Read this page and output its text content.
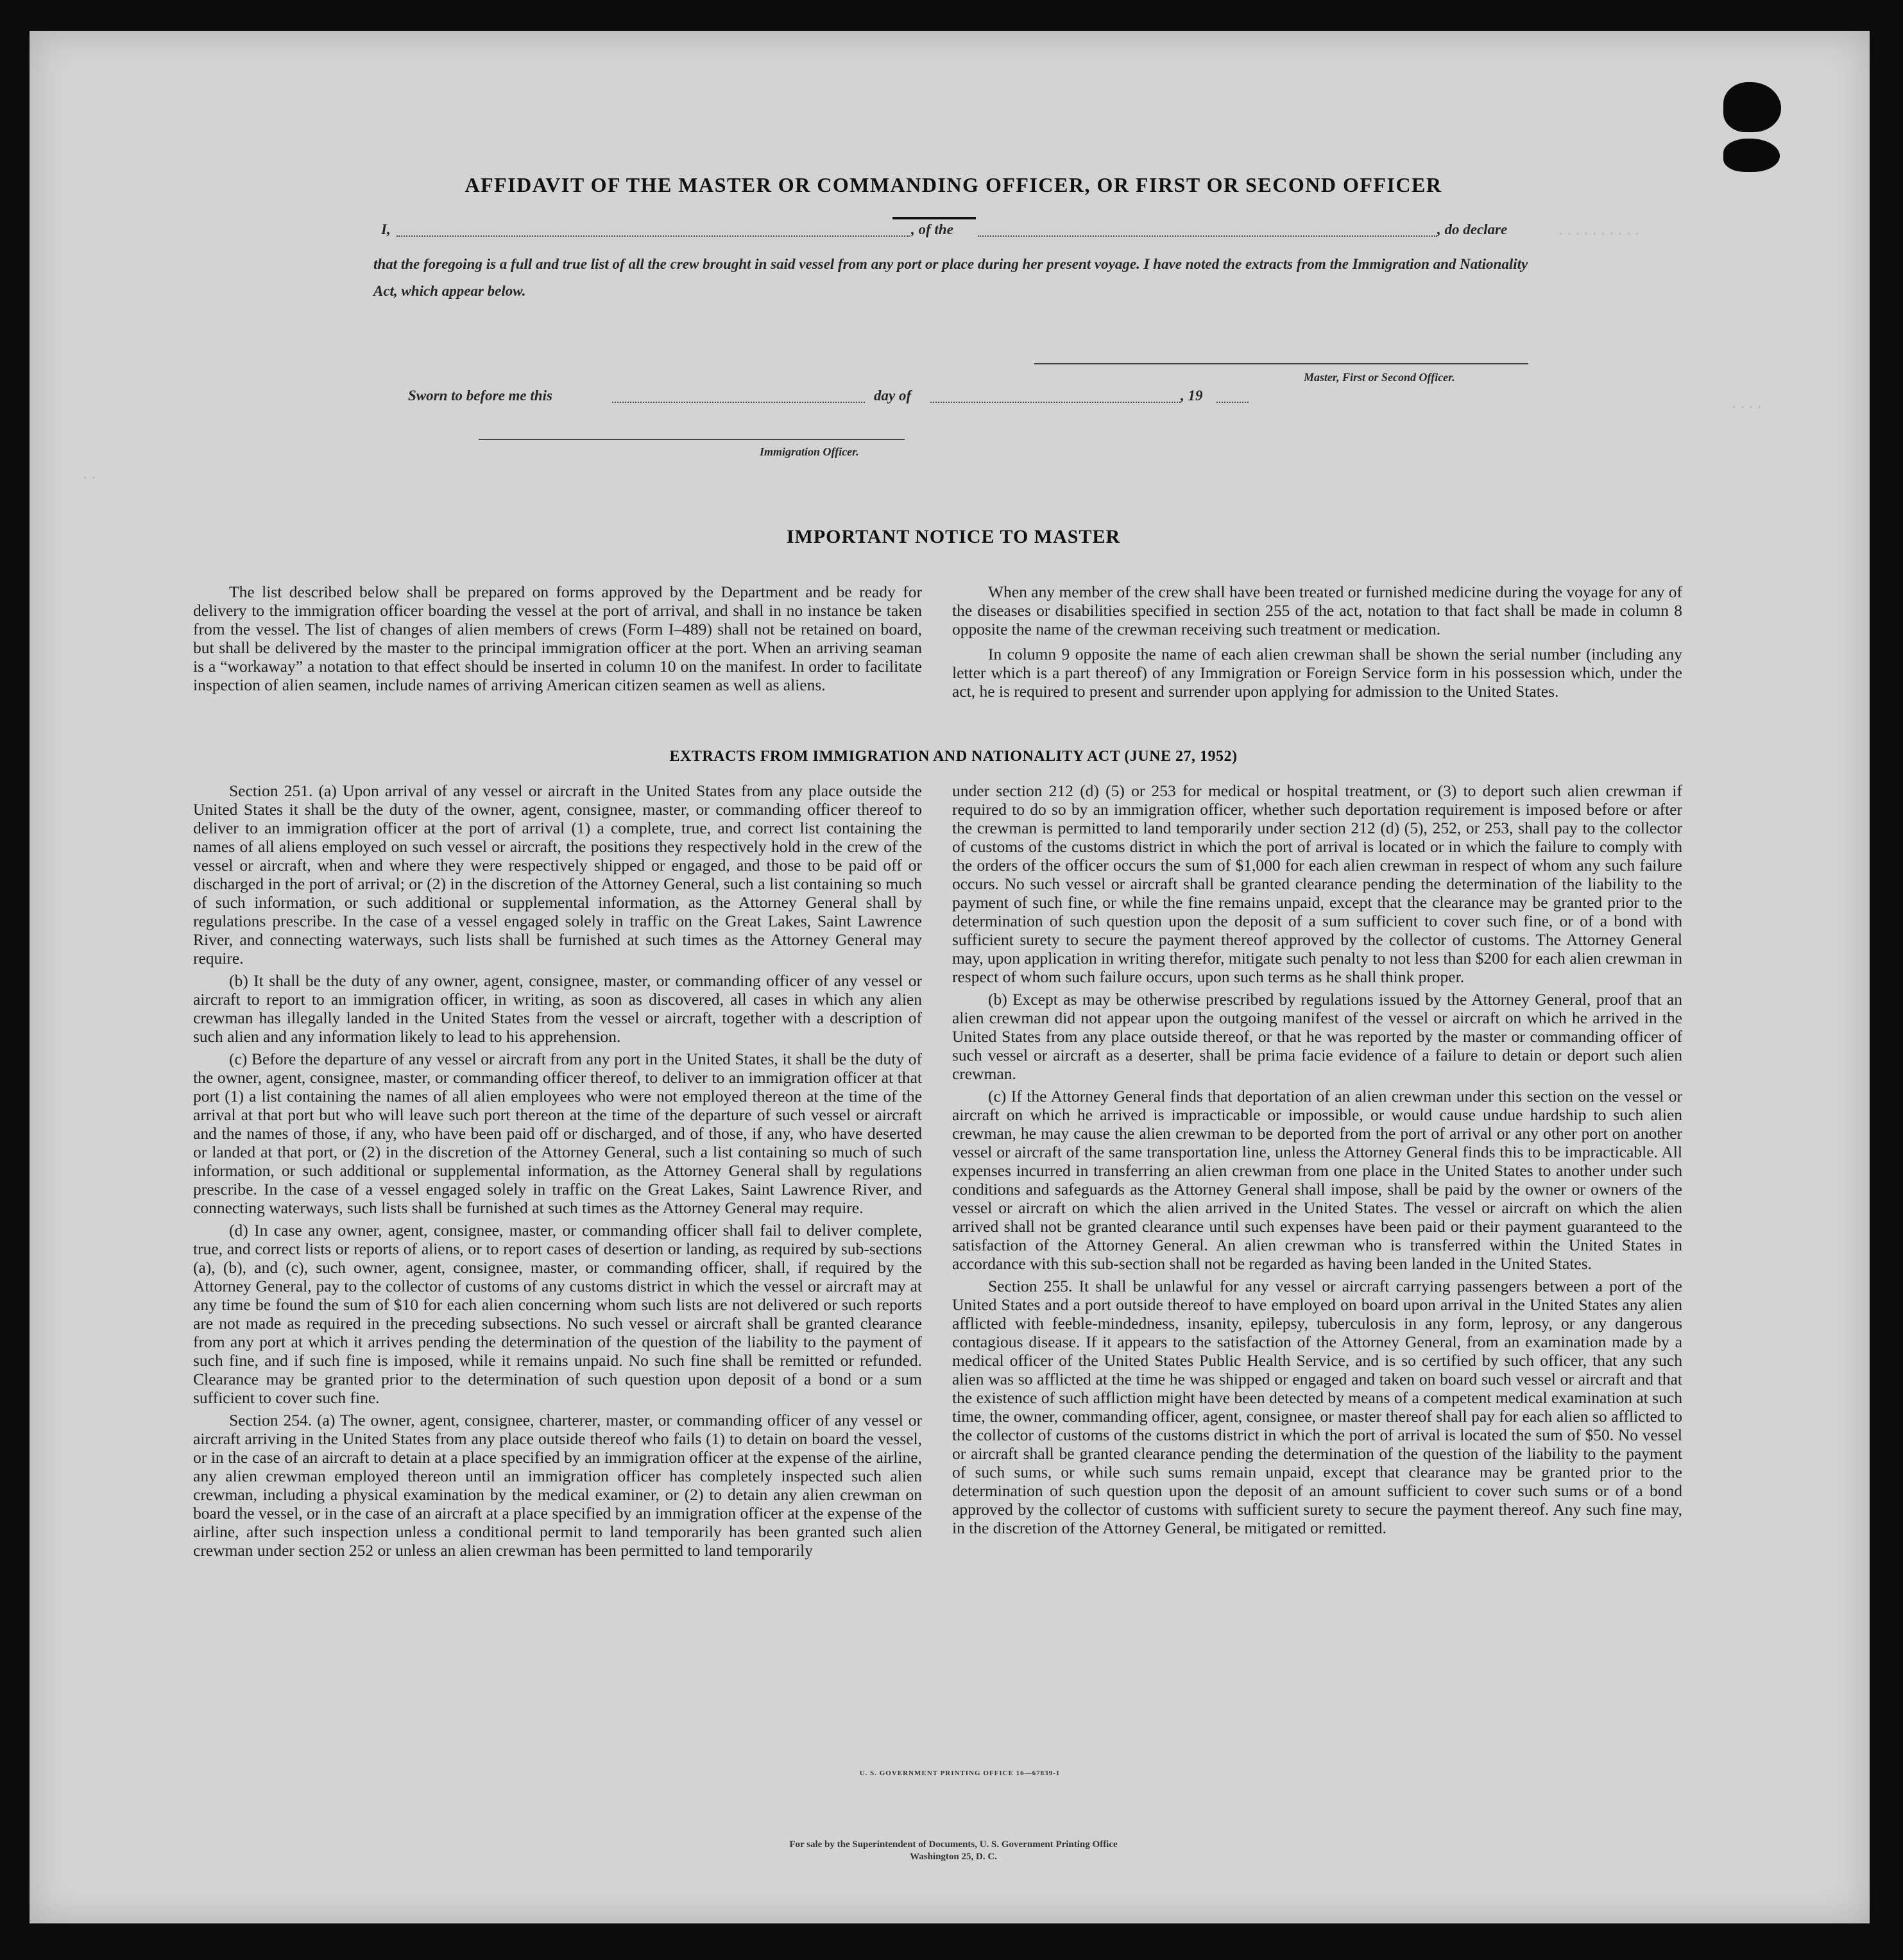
..........
....
..
AFFIDAVIT OF THE MASTER OR COMMANDING OFFICER, OR FIRST OR SECOND OFFICER
I,	, of the	, do declare
that the foregoing is a full and true list of all the crew brought in said vessel from any port or place during her present voyage. I have noted the extracts from the Immigration and Nationality Act, which appear below.
Master, First or Second Officer.
Sworn to before me this	day of	, 19
Immigration Officer.
IMPORTANT NOTICE TO MASTER

The list described below shall be prepared on forms approved by the Department and be ready for delivery to the immigration officer boarding the vessel at the port of arrival, and shall in no instance be taken from the vessel. The list of changes of alien members of crews (Form I–489) shall not be retained on board, but shall be delivered by the master to the principal immigration officer at the port. When an arriving seaman is a “workaway” a notation to that effect should be inserted in column 10 on the manifest. In order to facilitate inspection of alien seamen, include names of arriving American citizen seamen as well as aliens.

When any member of the crew shall have been treated or furnished medicine during the voyage for any of the diseases or disabilities specified in section 255 of the act, notation to that fact shall be made in column 8 opposite the name of the crewman receiving such treatment or medication.

In column 9 opposite the name of each alien crewman shall be shown the serial number (including any letter which is a part thereof) of any Immigration or Foreign Service form in his possession which, under the act, he is required to present and surrender upon applying for admission to the United States.

EXTRACTS FROM IMMIGRATION AND NATIONALITY ACT (JUNE 27, 1952)

Section 251. (a) Upon arrival of any vessel or aircraft in the United States from any place outside the United States it shall be the duty of the owner, agent, consignee, master, or commanding officer thereof to deliver to an immigration officer at the port of arrival (1) a complete, true, and correct list containing the names of all aliens employed on such vessel or aircraft, the positions they respectively hold in the crew of the vessel or aircraft, when and where they were respectively shipped or engaged, and those to be paid off or discharged in the port of arrival; or (2) in the discretion of the Attorney General, such a list containing so much of such information, or such additional or supplemental information, as the Attorney General shall by regulations prescribe. In the case of a vessel engaged solely in traffic on the Great Lakes, Saint Lawrence River, and connecting waterways, such lists shall be furnished at such times as the Attorney General may require.

(b) It shall be the duty of any owner, agent, consignee, master, or commanding officer of any vessel or aircraft to report to an immigration officer, in writing, as soon as discovered, all cases in which any alien crewman has illegally landed in the United States from the vessel or aircraft, together with a description of such alien and any information likely to lead to his apprehension.

(c) Before the departure of any vessel or aircraft from any port in the United States, it shall be the duty of the owner, agent, consignee, master, or commanding officer thereof, to deliver to an immigration officer at that port (1) a list containing the names of all alien employees who were not employed thereon at the time of the arrival at that port but who will leave such port thereon at the time of the departure of such vessel or aircraft and the names of those, if any, who have been paid off or discharged, and of those, if any, who have deserted or landed at that port, or (2) in the discretion of the Attorney General, such a list containing so much of such information, or such additional or supplemental information, as the Attorney General shall by regulations prescribe. In the case of a vessel engaged solely in traffic on the Great Lakes, Saint Lawrence River, and connecting waterways, such lists shall be furnished at such times as the Attorney General may require.

(d) In case any owner, agent, consignee, master, or commanding officer shall fail to deliver complete, true, and correct lists or reports of aliens, or to report cases of desertion or landing, as required by sub-sections (a), (b), and (c), such owner, agent, consignee, master, or commanding officer, shall, if required by the Attorney General, pay to the collector of customs of any customs district in which the vessel or aircraft may at any time be found the sum of $10 for each alien concerning whom such lists are not delivered or such reports are not made as required in the preceding subsections. No such vessel or aircraft shall be granted clearance from any port at which it arrives pending the determination of the question of the liability to the payment of such fine, and if such fine is imposed, while it remains unpaid. No such fine shall be remitted or refunded. Clearance may be granted prior to the determination of such question upon deposit of a bond or a sum sufficient to cover such fine.

Section 254. (a) The owner, agent, consignee, charterer, master, or commanding officer of any vessel or aircraft arriving in the United States from any place outside thereof who fails (1) to detain on board the vessel, or in the case of an aircraft to detain at a place specified by an immigration officer at the expense of the airline, any alien crewman employed thereon until an immigration officer has completely inspected such alien crewman, including a physical examination by the medical examiner, or (2) to detain any alien crewman on board the vessel, or in the case of an aircraft at a place specified by an immigration officer at the expense of the airline, after such inspection unless a conditional permit to land temporarily has been granted such alien crewman under section 252 or unless an alien crewman has been permitted to land temporarily

under section 212 (d) (5) or 253 for medical or hospital treatment, or (3) to deport such alien crewman if required to do so by an immigration officer, whether such deportation requirement is imposed before or after the crewman is permitted to land temporarily under section 212 (d) (5), 252, or 253, shall pay to the collector of customs of the customs district in which the port of arrival is located or in which the failure to comply with the orders of the officer occurs the sum of $1,000 for each alien crewman in respect of whom any such failure occurs. No such vessel or aircraft shall be granted clearance pending the determination of the liability to the payment of such fine, or while the fine remains unpaid, except that the clearance may be granted prior to the determination of such question upon the deposit of a sum sufficient to cover such fine, or of a bond with sufficient surety to secure the payment thereof approved by the collector of customs. The Attorney General may, upon application in writing therefor, mitigate such penalty to not less than $200 for each alien crewman in respect of whom such failure occurs, upon such terms as he shall think proper.

(b) Except as may be otherwise prescribed by regulations issued by the Attorney General, proof that an alien crewman did not appear upon the outgoing manifest of the vessel or aircraft on which he arrived in the United States from any place outside thereof, or that he was reported by the master or commanding officer of such vessel or aircraft as a deserter, shall be prima facie evidence of a failure to detain or deport such alien crewman.

(c) If the Attorney General finds that deportation of an alien crewman under this section on the vessel or aircraft on which he arrived is impracticable or impossible, or would cause undue hardship to such alien crewman, he may cause the alien crewman to be deported from the port of arrival or any other port on another vessel or aircraft of the same transportation line, unless the Attorney General finds this to be impracticable. All expenses incurred in transferring an alien crewman from one place in the United States to another under such conditions and safeguards as the Attorney General shall impose, shall be paid by the owner or owners of the vessel or aircraft on which the alien arrived in the United States. The vessel or aircraft on which the alien arrived shall not be granted clearance until such expenses have been paid or their payment guaranteed to the satisfaction of the Attorney General. An alien crewman who is transferred within the United States in accordance with this sub-section shall not be regarded as having been landed in the United States.

Section 255. It shall be unlawful for any vessel or aircraft carrying passengers between a port of the United States and a port outside thereof to have employed on board upon arrival in the United States any alien afflicted with feeble-mindedness, insanity, epilepsy, tuberculosis in any form, leprosy, or any dangerous contagious disease. If it appears to the satisfaction of the Attorney General, from an examination made by a medical officer of the United States Public Health Service, and is so certified by such officer, that any such alien was so afflicted at the time he was shipped or engaged and taken on board such vessel or aircraft and that the existence of such affliction might have been detected by means of a competent medical examination at such time, the owner, commanding officer, agent, consignee, or master thereof shall pay for each alien so afflicted to the collector of customs of the customs district in which the port of arrival is located the sum of $50. No vessel or aircraft shall be granted clearance pending the determination of the question of the liability to the payment of such sums, or while such sums remain unpaid, except that clearance may be granted prior to the determination of such question upon the deposit of an amount sufficient to cover such sums or of a bond approved by the collector of customs with sufficient surety to secure the payment thereof. Any such fine may, in the discretion of the Attorney General, be mitigated or remitted.

U. S. GOVERNMENT PRINTING OFFICE 16—67839-1
For sale by the Superintendent of Documents, U. S. Government Printing Office
Washington 25, D. C.
